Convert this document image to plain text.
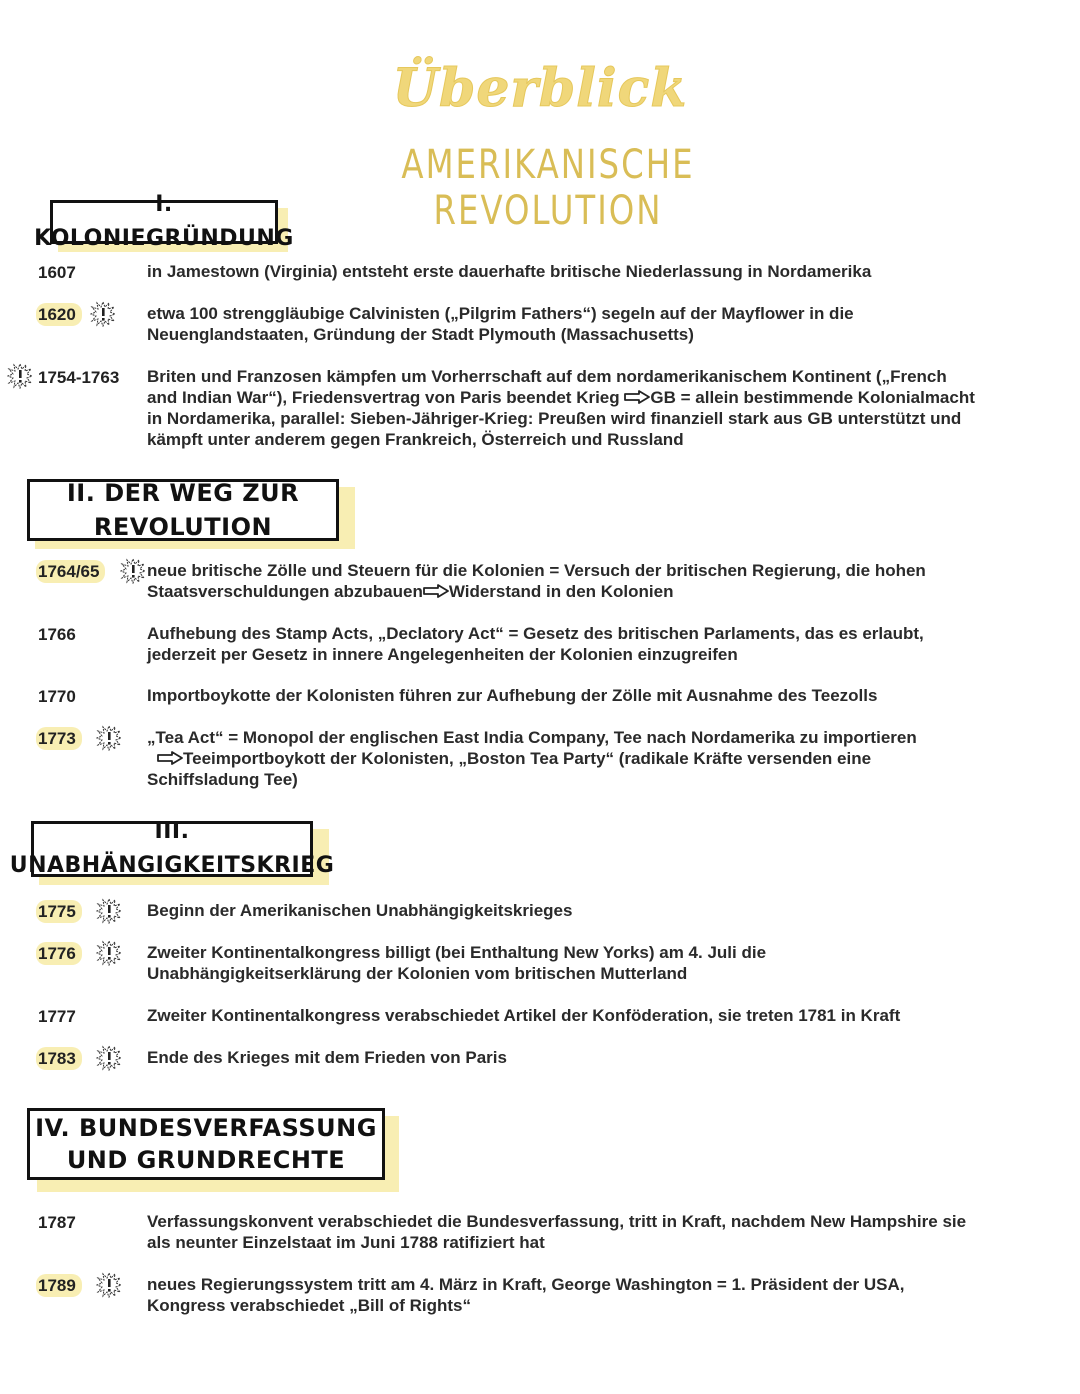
Überblick
AMERIKANISCHE REVOLUTION
I. KOLONIEGRÜNDUNG
1607	in Jamestown (Virginia) entsteht erste dauerhafte britische Niederlassung in Nordamerika
1620	etwa 100 strenggläubige Calvinisten („Pilgrim Fathers“) segeln auf der Mayflower in die
Neuenglandstaaten, Gründung der Stadt Plymouth (Massachusetts)
1754-1763 Briten und Franzosen kämpfen um Vorherrschaft auf dem nordamerikanischem Kontinent („French
and Indian War“), Friedensvertrag von Paris beendet Krieg GB = allein bestimmende Kolonialmacht
in Nordamerika, parallel: Sieben-Jähriger-Krieg: Preußen wird finanziell stark aus GB unterstützt und
kämpft unter anderem gegen Frankreich, Österreich und Russland
II. DER WEG ZUR REVOLUTION
1764/65	neue britische Zölle und Steuern für die Kolonien = Versuch der britischen Regierung, die hohen
Staatsverschuldungen abzubauen Widerstand in den Kolonien
1766	Aufhebung des Stamp Acts, „Declatory Act“ = Gesetz des britischen Parlaments, das es erlaubt,
jederzeit per Gesetz in innere Angelegenheiten der Kolonien einzugreifen
1770	Importboykotte der Kolonisten führen zur Aufhebung der Zölle mit Ausnahme des Teezolls
1773	„Tea Act“ = Monopol der englischen East India Company, Tee nach Nordamerika zu importieren
Teeimportboykott der Kolonisten, „Boston Tea Party“ (radikale Kräfte versenden eine
Schiffsladung Tee)
III. UNABHÄNGIGKEITSKRIEG
1775	Beginn der Amerikanischen Unabhängigkeitskrieges
1776	Zweiter Kontinentalkongress billigt (bei Enthaltung New Yorks) am 4. Juli die
Unabhängigkeitserklärung der Kolonien vom britischen Mutterland
1777	Zweiter Kontinentalkongress verabschiedet Artikel der Konföderation, sie treten 1781 in Kraft
1783	Ende des Krieges mit dem Frieden von Paris
IV. BUNDESVERFASSUNG
UND GRUNDRECHTE
1787	Verfassungskonvent verabschiedet die Bundesverfassung, tritt in Kraft, nachdem New Hampshire sie
als neunter Einzelstaat im Juni 1788 ratifiziert hat
1789	neues Regierungssystem tritt am 4. März in Kraft, George Washington = 1. Präsident der USA,
Kongress verabschiedet „Bill of Rights“
